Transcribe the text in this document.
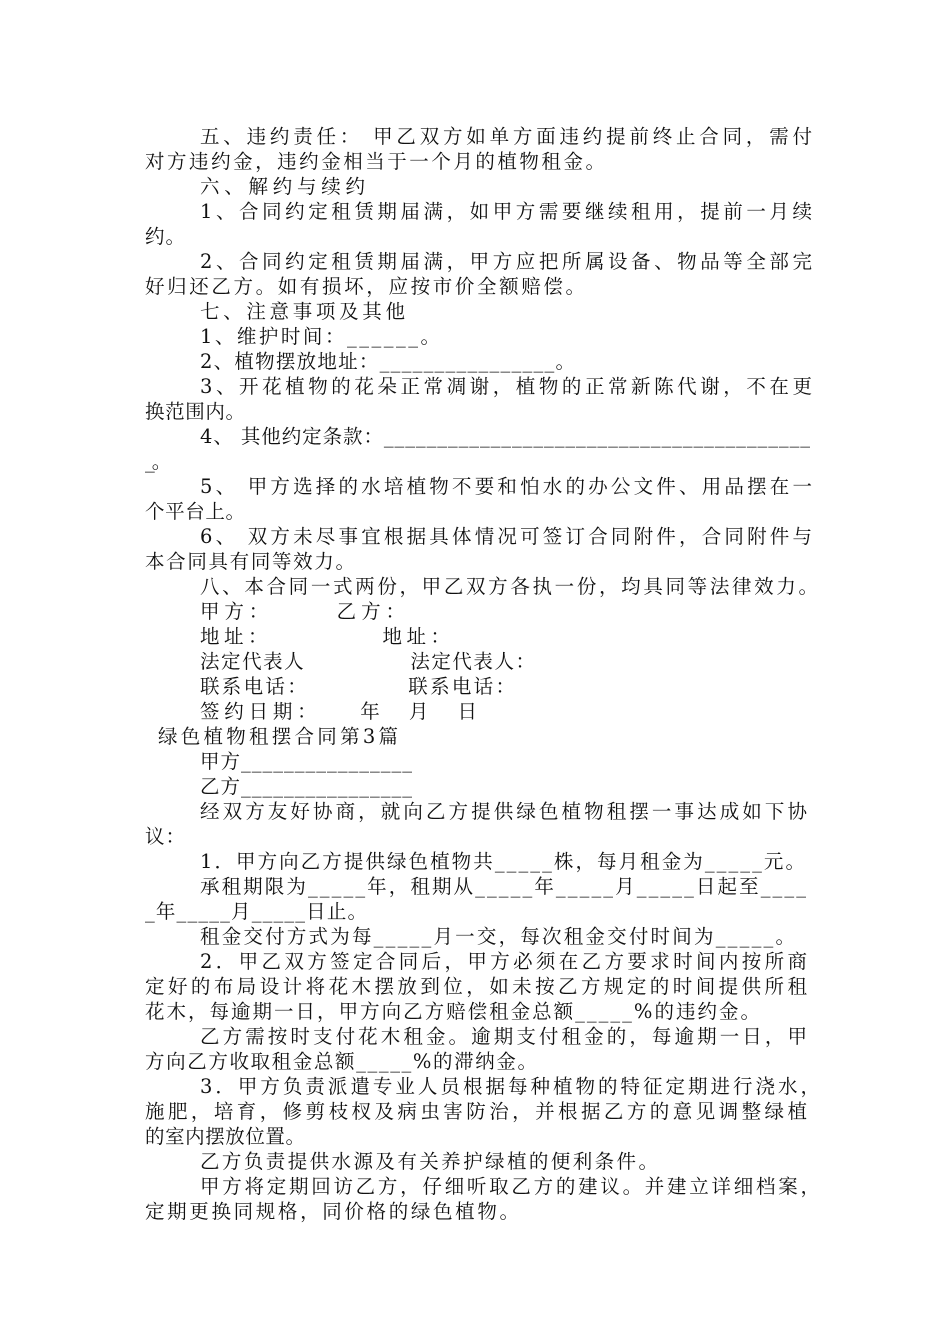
五、违约责任： 甲乙双方如单方面违约提前终止合同，需付

对方违约金，违约金相当于一个月的植物租金。

六、解约与续约

1、合同约定租赁期届满，如甲方需要继续租用，提前一月续

约。

2、合同约定租赁期届满，甲方应把所属设备、物品等全部完

好归还乙方。如有损坏，应按市价全额赔偿。

七、注意事项及其他

1、维护时间：______。

2、植物摆放地址：________________。

3、开花植物的花朵正常凋谢，植物的正常新陈代谢，不在更

换范围内。

4、 其他约定条款：________________________________________

_。

5、 甲方选择的水培植物不要和怕水的办公文件、用品摆在一

个平台上。

6、 双方未尽事宜根据具体情况可签订合同附件，合同附件与

本合同具有同等效力。

八、本合同一式两份，甲乙双方各执一份，均具同等法律效力。

甲方：　　　乙方：

地址：　　　　　地址：

法定代表人　　　　　法定代表人：

联系电话：　　　　　联系电话：

签约日期：　　年　月　日

绿色植物租摆合同第3篇

甲方________________

乙方________________

经双方友好协商，就向乙方提供绿色植物租摆一事达成如下协

议：

1．甲方向乙方提供绿色植物共_____株，每月租金为_____元。

承租期限为_____年，租期从_____年_____月_____日起至____

_年_____月_____日止。

租金交付方式为每_____月一交，每次租金交付时间为_____。

2．甲乙双方签定合同后，甲方必须在乙方要求时间内按所商

定好的布局设计将花木摆放到位，如未按乙方规定的时间提供所租

花木，每逾期一日，甲方向乙方赔偿租金总额_____%的违约金。

乙方需按时支付花木租金。逾期支付租金的，每逾期一日，甲

方向乙方收取租金总额_____%的滞纳金。

3．甲方负责派遣专业人员根据每种植物的特征定期进行浇水，

施肥，培育，修剪枝杈及病虫害防治，并根据乙方的意见调整绿植

的室内摆放位置。

乙方负责提供水源及有关养护绿植的便利条件。

甲方将定期回访乙方，仔细听取乙方的建议。并建立详细档案，

定期更换同规格，同价格的绿色植物。
